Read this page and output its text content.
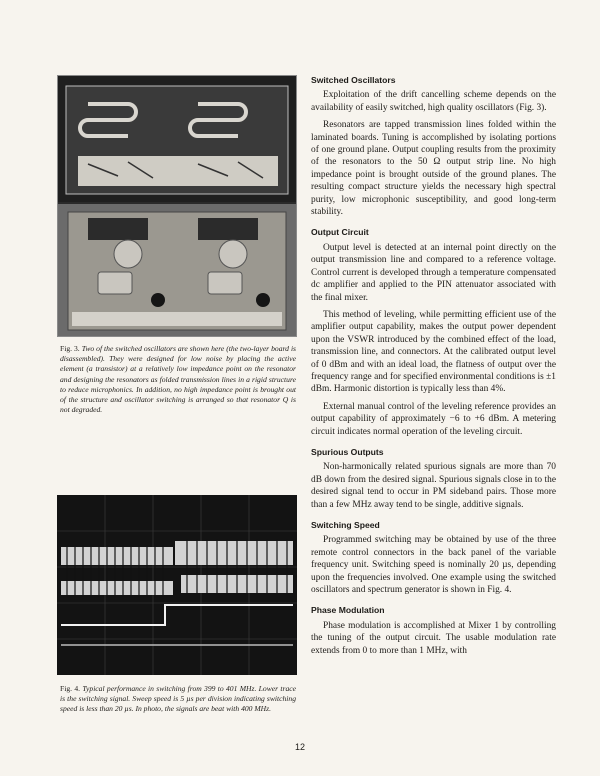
Fig. 3. Two of the switched oscillators are shown here (the two-layer board is disassembled). They were designed for low noise by placing the active element (a transistor) at a relatively low impedance point on the resonator and designing the resonators as folded transmission lines in a rigid structure to reduce microphonics. In addition, no high impedance point is brought out of the structure and oscillator switching is arranged so that resonator Q is not degraded.
Fig. 4. Typical performance in switching from 399 to 401 MHz. Lower trace is the switching signal. Sweep speed is 5 µs per division indicating switching speed is less than 20 µs. In photo, the signals are beat with 400 MHz.
Switched Oscillators

Exploitation of the drift cancelling scheme depends on the availability of easily switched, high quality oscillators (Fig. 3).

Resonators are tapped transmission lines folded within the laminated boards. Tuning is accomplished by isolating portions of one ground plane. Output coupling results from the proximity of the resonators to the 50 Ω output strip line. No high impedance point is brought outside of the ground planes. The resulting compact structure yields the necessary high spectral purity, low microphonic susceptibility, and good long-term stability.

Output Circuit

Output level is detected at an internal point directly on the output transmission line and compared to a reference voltage. Control current is developed through a temperature compensated dc amplifier and applied to the PIN attenuator associated with the final mixer.

This method of leveling, while permitting efficient use of the amplifier output capability, makes the output power dependent upon the VSWR introduced by the combined effect of the load, transmission line, and connectors. At the calibrated output level of 0 dBm and with an ideal load, the flatness of output over the frequency range and for specified environmental conditions is ±1 dBm. Harmonic distortion is typically less than 4%.

External manual control of the leveling reference provides an output capability of approximately −6 to +6 dBm. A metering circuit indicates normal operation of the leveling circuit.

Spurious Outputs

Non-harmonically related spurious signals are more than 70 dB down from the desired signal. Spurious signals close in to the desired signal tend to occur in PM sideband pairs. Those more than a few MHz away tend to be single, additive signals.

Switching Speed

Programmed switching may be obtained by use of the three remote control connectors in the back panel of the variable frequency unit. Switching speed is nominally 20 µs, depending upon the frequencies involved. One example using the switched oscillators and spectrum generator is shown in Fig. 4.

Phase Modulation

Phase modulation is accomplished at Mixer 1 by controlling the tuning of the output circuit. The usable modulation rate extends from 0 to more than 1 MHz, with

12
